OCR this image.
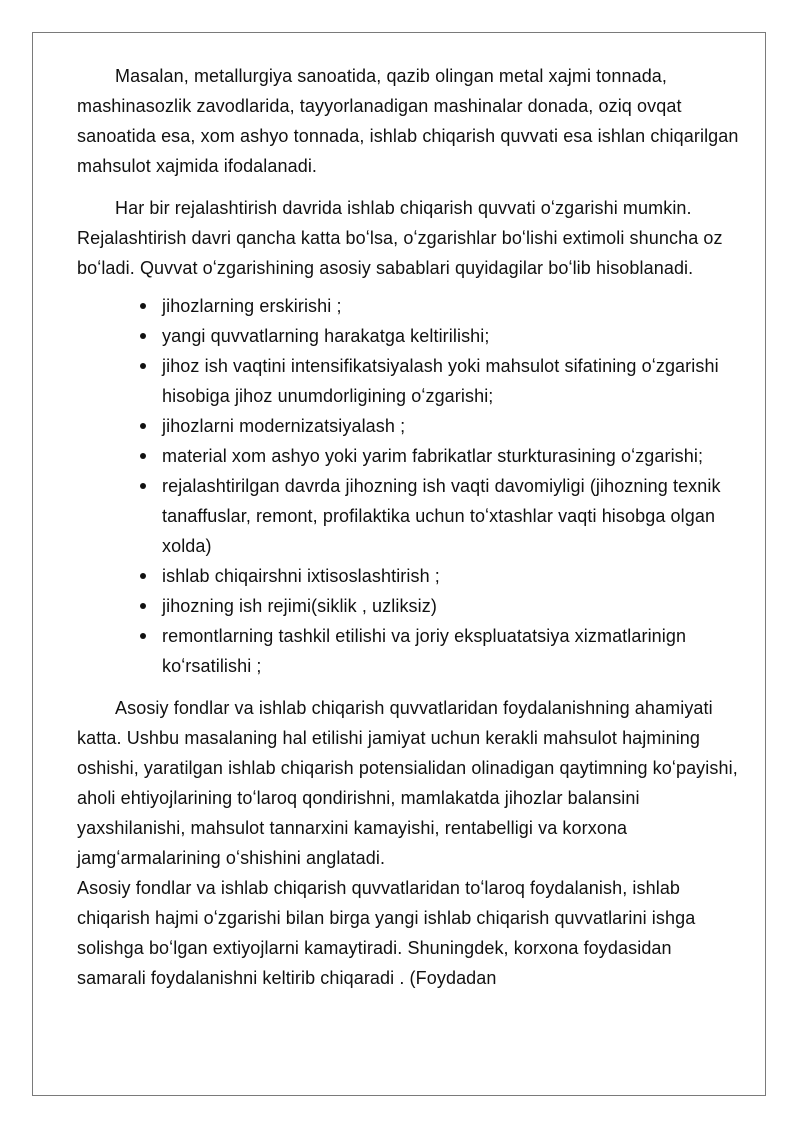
Masalan, metallurgiya sanoatida, qazib olingan metal xajmi tonnada, mashinasozlik zavodlarida, tayyorlanadigan mashinalar donada, oziq ovqat sanoatida esa, xom ashyo tonnada, ishlab chiqarish quvvati esa ishlan chiqarilgan mahsulot xajmida ifodalanadi.

Har bir rejalashtirish davrida ishlab chiqarish quvvati oʻzgarishi mumkin. Rejalashtirish davri qancha katta boʻlsa, oʻzgarishlar boʻlishi extimoli shuncha oz boʻladi. Quvvat oʻzgarishining asosiy sabablari quyidagilar boʻlib hisoblanadi.

jihozlarning erskirishi ;
yangi quvvatlarning harakatga keltirilishi;
jihoz ish vaqtini intensifikatsiyalash yoki mahsulot sifatining oʻzgarishi hisobiga jihoz unumdorligining oʻzgarishi;
jihozlarni modernizatsiyalash ;
material xom ashyo yoki yarim fabrikatlar sturkturasining oʻzgarishi;
rejalashtirilgan davrda jihozning ish vaqti davomiyligi (jihozning texnik tanaffuslar, remont, profilaktika uchun toʻxtashlar vaqti hisobga olgan xolda)
ishlab chiqairshni ixtisoslashtirish ;
jihozning ish rejimi(siklik , uzliksiz)
remontlarning tashkil etilishi va joriy ekspluatatsiya xizmatlarinign koʻrsatilishi ;

Asosiy fondlar va ishlab chiqarish quvvatlaridan foydalanishning ahamiyati katta. Ushbu masalaning hal etilishi jamiyat uchun kerakli mahsulot hajmining oshishi, yaratilgan ishlab chiqarish potensialidan olinadigan qaytimning koʻpayishi, aholi ehtiyojlarining toʻlaroq qondirishni, mamlakatda jihozlar balansini yaxshilanishi, mahsulot tannarxini kamayishi, rentabelligi va korxona jamgʻarmalarining oʻshishini anglatadi.

Asosiy fondlar va ishlab chiqarish quvvatlaridan toʻlaroq foydalanish, ishlab chiqarish hajmi oʻzgarishi bilan birga yangi ishlab chiqarish quvvatlarini ishga solishga boʻlgan extiyojlarni kamaytiradi. Shuningdek, korxona foydasidan samarali foydalanishni keltirib chiqaradi . (Foydadan
